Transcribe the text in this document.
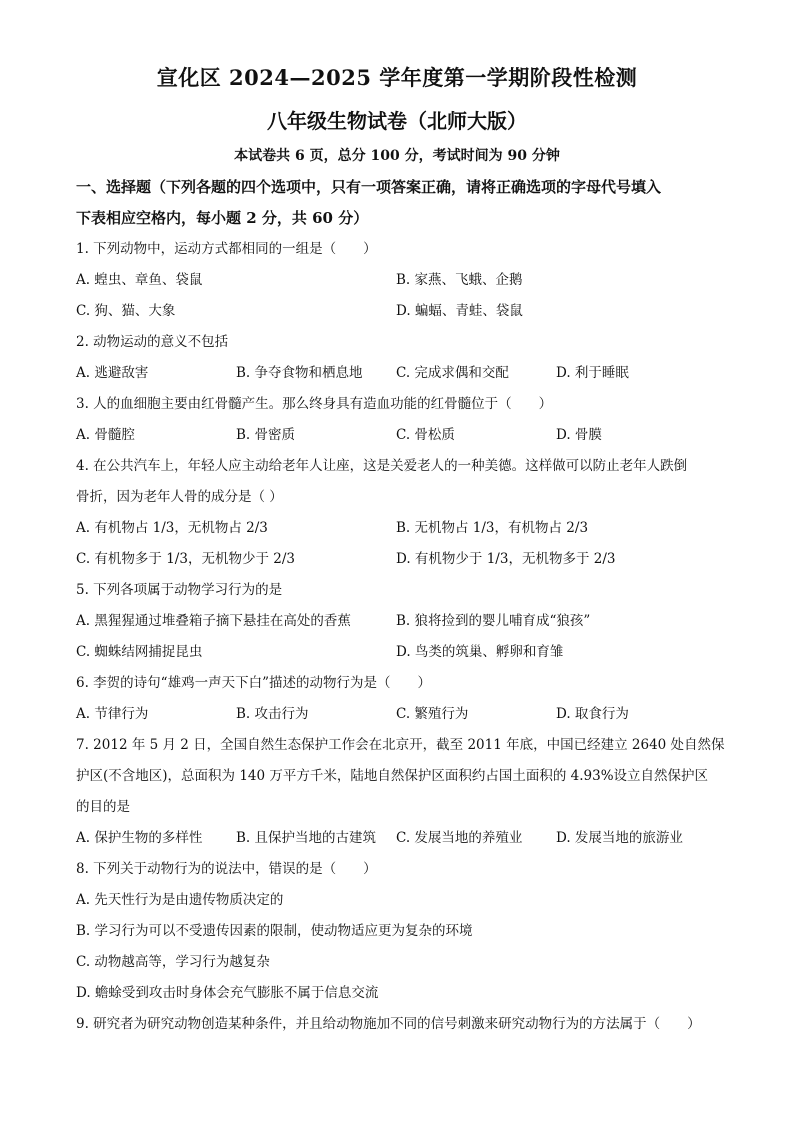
宣化区 2024—2025 学年度第一学期阶段性检测
八年级生物试卷（北师大版）
本试卷共 6 页，总分 100 分，考试时间为 90 分钟

一、选择题（下列各题的四个选项中，只有一项答案正确，请将正确选项的字母代号填入

下表相应空格内，每小题 2 分，共 60 分）

1. 下列动物中，运动方式都相同的一组是（　　）

A. 蝗虫、章鱼、袋鼠	B. 家燕、飞蛾、企鹅
C. 狗、猫、大象	D. 蝙蝠、青蛙、袋鼠

2. 动物运动的意义不包括

A. 逃避敌害	B. 争夺食物和栖息地	C. 完成求偶和交配	D. 利于睡眠

3. 人的血细胞主要由红骨髓产生。那么终身具有造血功能的红骨髓位于（　　）

A. 骨髓腔	B. 骨密质	C. 骨松质	D. 骨膜

4. 在公共汽车上，年轻人应主动给老年人让座，这是关爱老人的一种美德。这样做可以防止老年人跌倒

骨折，因为老年人骨的成分是（ ）

A. 有机物占 1/3，无机物占 2/3	B. 无机物占 1/3，有机物占 2/3
C. 有机物多于 1/3，无机物少于 2/3	D. 有机物少于 1/3，无机物多于 2/3

5. 下列各项属于动物学习行为的是

A. 黑猩猩通过堆叠箱子摘下悬挂在高处的香蕉	B. 狼将捡到的婴儿哺育成“狼孩”
C. 蜘蛛结网捕捉昆虫	D. 鸟类的筑巢、孵卵和育雏

6. 李贺的诗句“雄鸡一声天下白”描述的动物行为是（　　）

A. 节律行为	B. 攻击行为	C. 繁殖行为	D. 取食行为

7. 2012 年 5 月 2 日，全国自然生态保护工作会在北京开，截至 2011 年底，中国已经建立 2640 处自然保

护区(不含地区)，总面积为 140 万平方千米，陆地自然保护区面积约占国土面积的 4.93%设立自然保护区

的目的是

A. 保护生物的多样性	B. 且保护当地的古建筑	C. 发展当地的养殖业	D. 发展当地的旅游业

8. 下列关于动物行为的说法中，错误的是（　　）

A. 先天性行为是由遗传物质决定的

B. 学习行为可以不受遗传因素的限制，使动物适应更为复杂的环境

C. 动物越高等，学习行为越复杂

D. 蟾蜍受到攻击时身体会充气膨胀不属于信息交流

9. 研究者为研究动物创造某种条件，并且给动物施加不同的信号刺激来研究动物行为的方法属于（　　）
